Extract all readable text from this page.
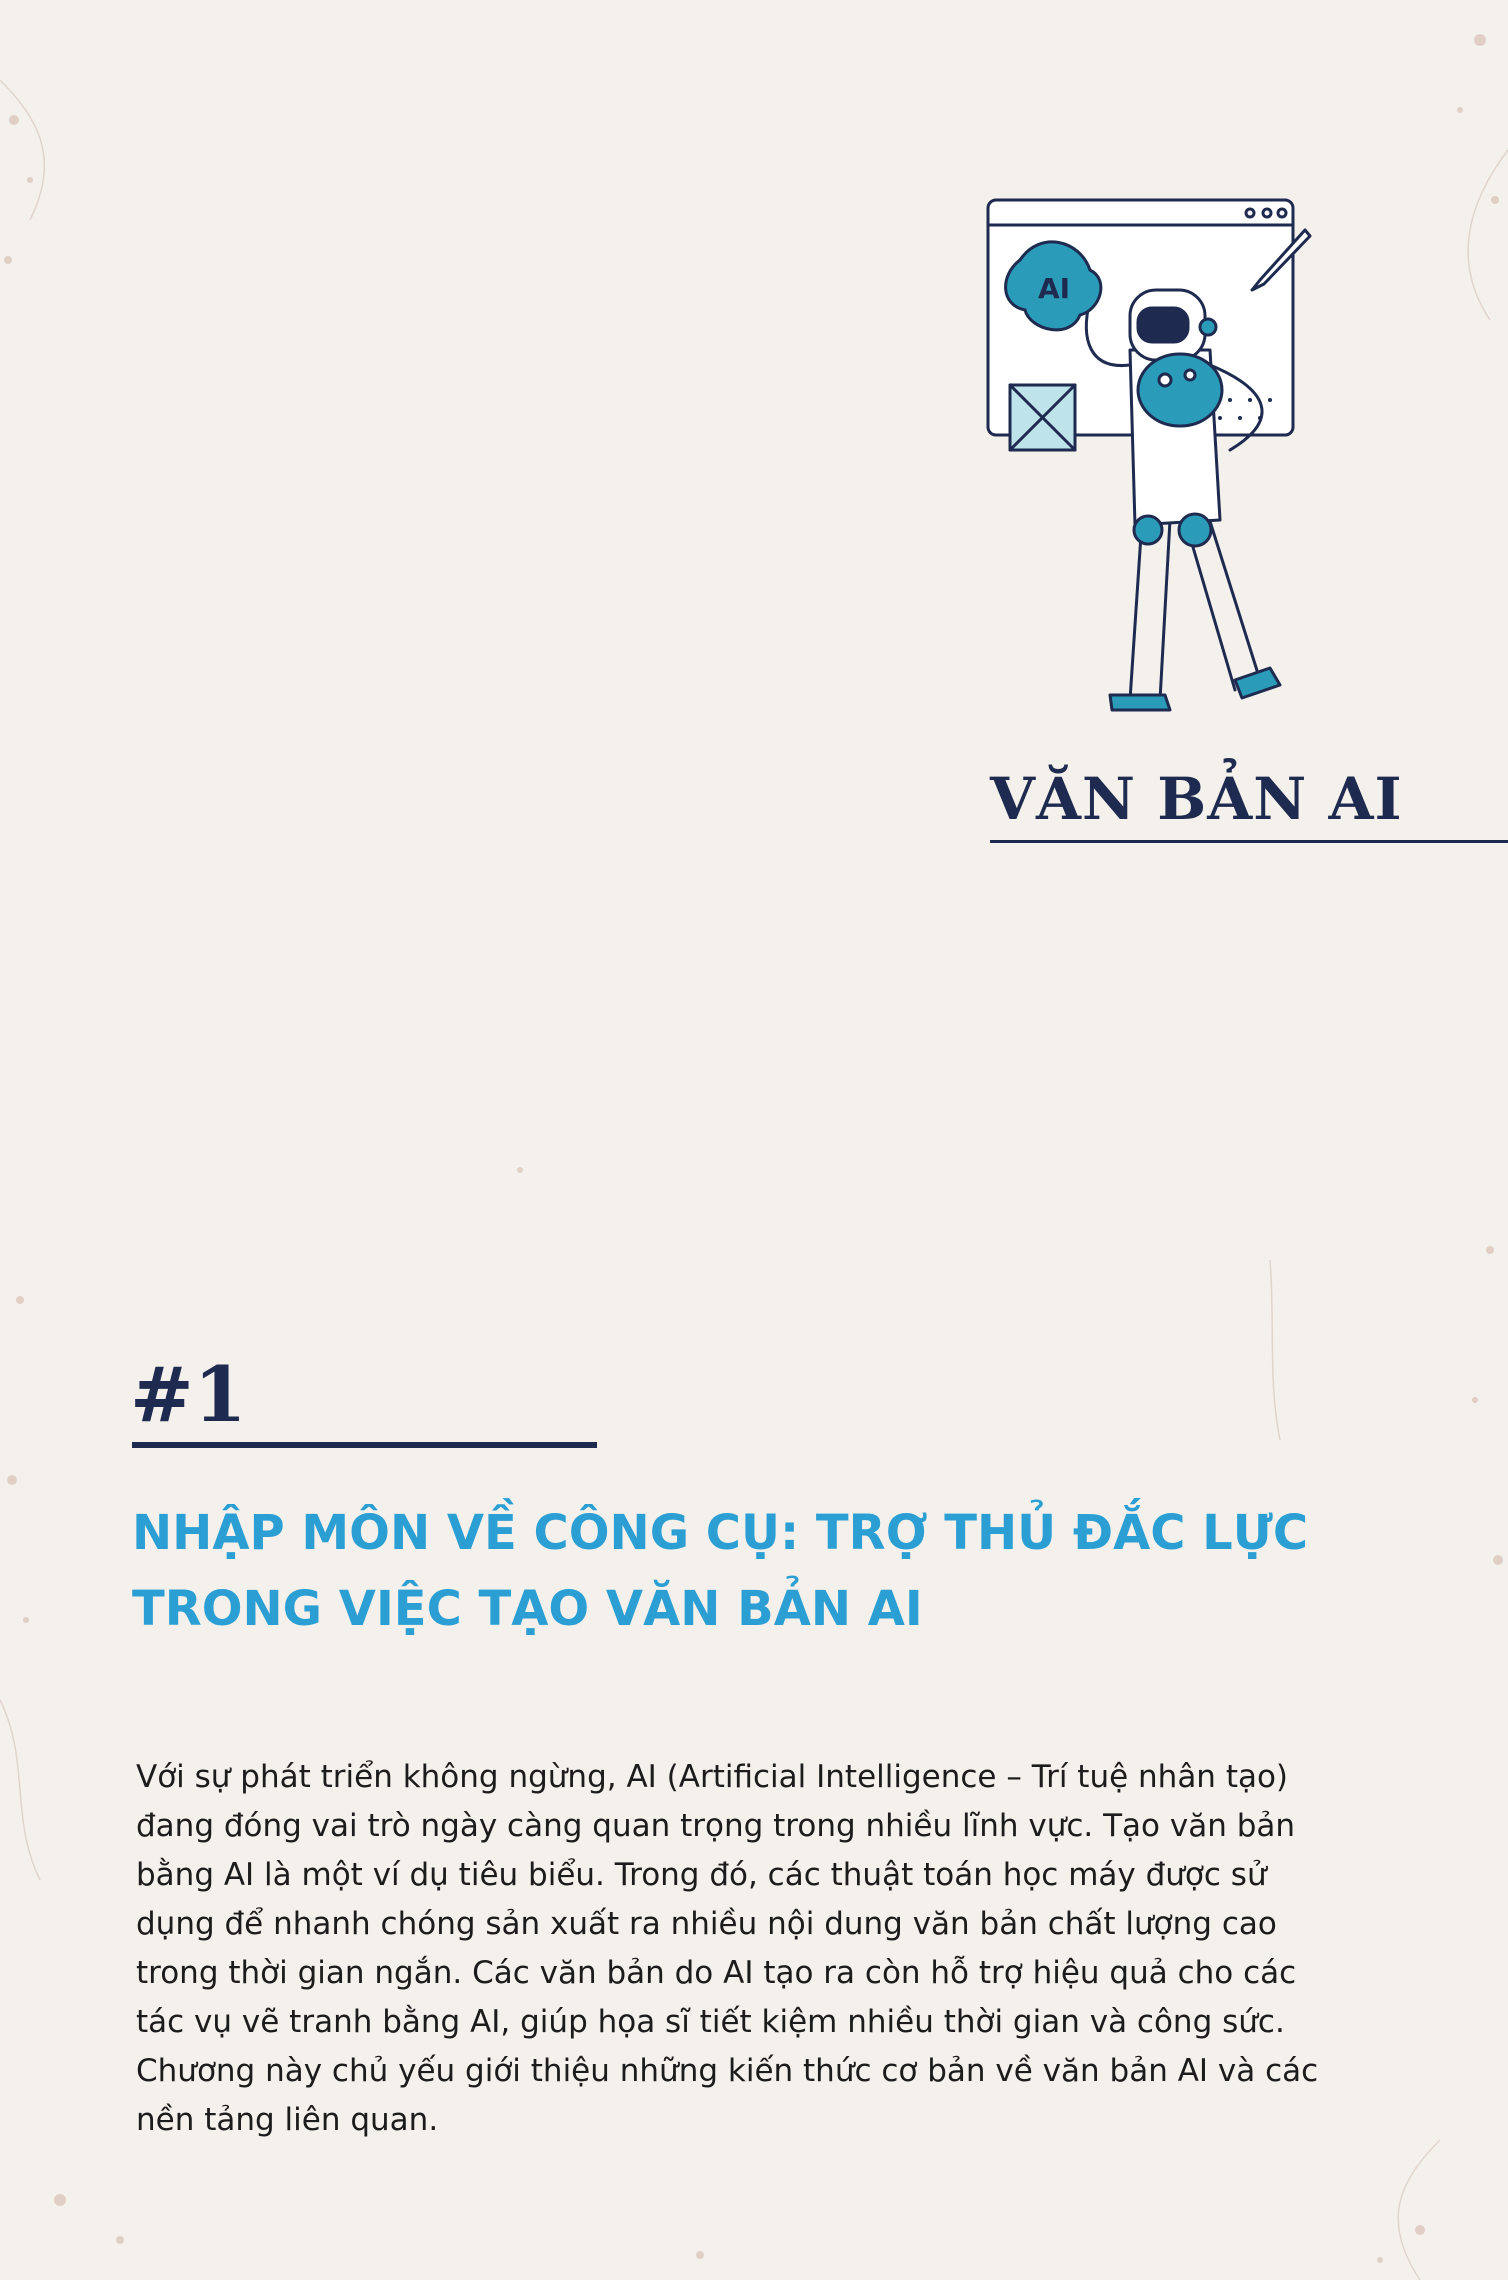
AI
VĂN BẢN AI
#1
NHẬP MÔN VỀ CÔNG CỤ: TRỢ THỦ ĐẮC LỰC
TRONG VIỆC TẠO VĂN BẢN AI
Với sự phát triển không ngừng, AI (Artificial Intelligence – Trí tuệ nhân tạo)
đang đóng vai trò ngày càng quan trọng trong nhiều lĩnh vực. Tạo văn bản
bằng AI là một ví dụ tiêu biểu. Trong đó, các thuật toán học máy được sử
dụng để nhanh chóng sản xuất ra nhiều nội dung văn bản chất lượng cao
trong thời gian ngắn. Các văn bản do AI tạo ra còn hỗ trợ hiệu quả cho các
tác vụ vẽ tranh bằng AI, giúp họa sĩ tiết kiệm nhiều thời gian và công sức.
Chương này chủ yếu giới thiệu những kiến thức cơ bản về văn bản AI và các
nền tảng liên quan.
